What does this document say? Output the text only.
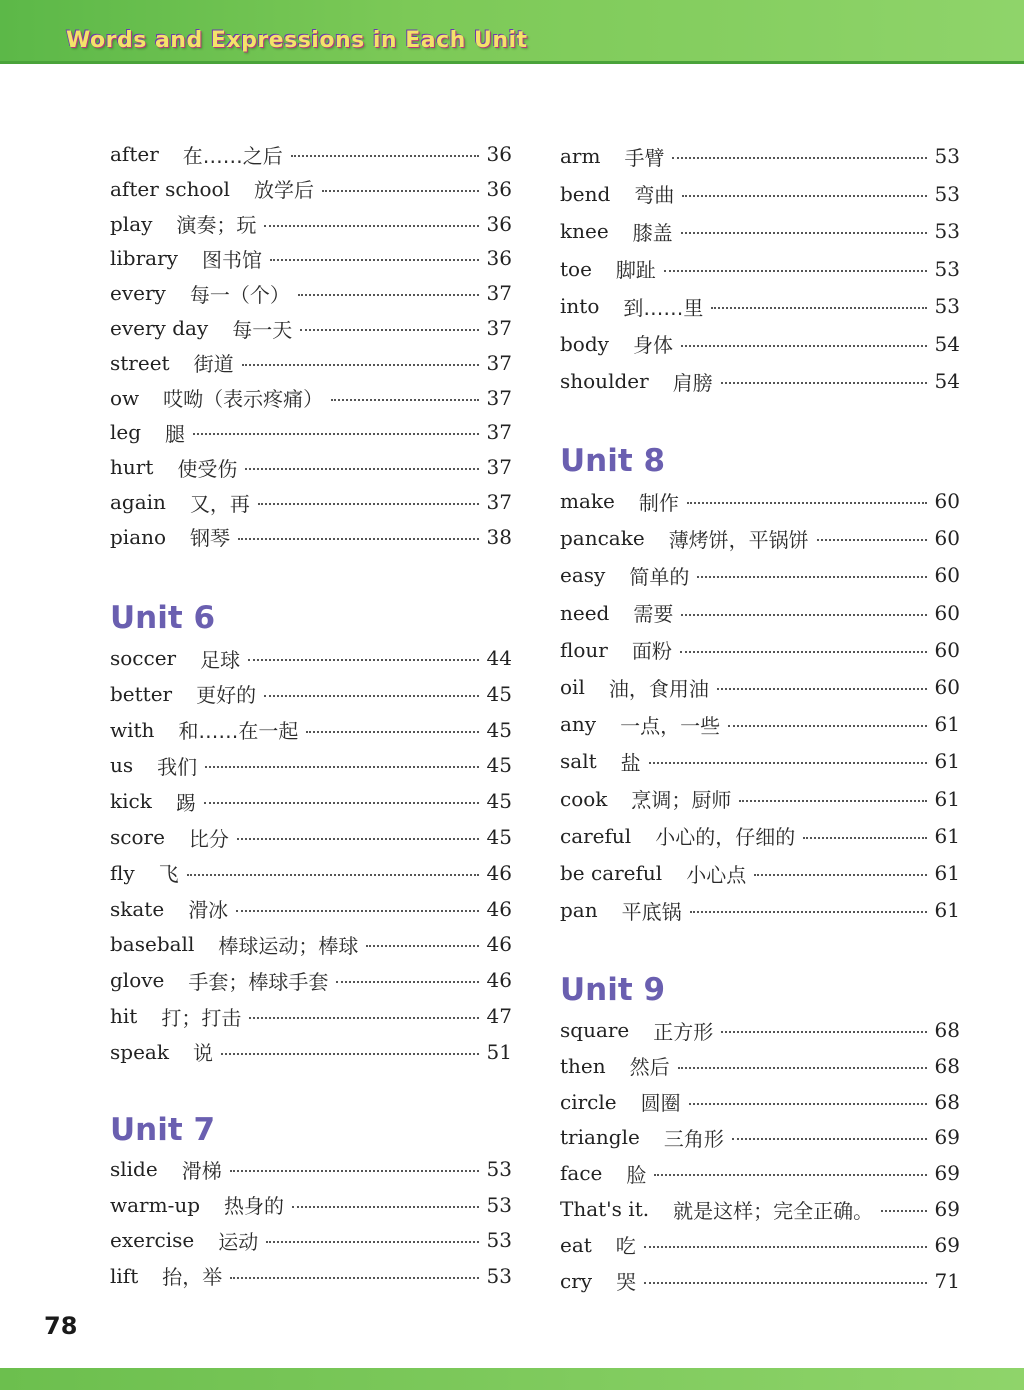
Words and Expressions in Each Unit
after 在……之后	36
after school 放学后	36
play 演奏；玩	36
library 图书馆	36
every 每一（个）	37
every day 每一天	37
street 街道	37
ow 哎呦（表示疼痛）	37
leg 腿	37
hurt 使受伤	37
again 又，再	37
piano 钢琴	38
Unit 6
soccer 足球	44
better 更好的	45
with 和……在一起	45
us 我们	45
kick 踢	45
score 比分	45
fly 飞	46
skate 滑冰	46
baseball 棒球运动；棒球	46
glove 手套；棒球手套	46
hit 打；打击	47
speak 说	51
Unit 7
slide 滑梯	53
warm-up 热身的	53
exercise 运动	53
lift 抬，举	53
arm 手臂	53
bend 弯曲	53
knee 膝盖	53
toe 脚趾	53
into 到……里	53
body 身体	54
shoulder 肩膀	54
Unit 8
make 制作	60
pancake 薄烤饼，平锅饼	60
easy 简单的	60
need 需要	60
flour 面粉	60
oil 油，食用油	60
any 一点，一些	61
salt 盐	61
cook 烹调；厨师	61
careful 小心的，仔细的	61
be careful 小心点	61
pan 平底锅	61
Unit 9
square 正方形	68
then 然后	68
circle 圆圈	68
triangle 三角形	69
face 脸	69
That's it. 就是这样；完全正确。	69
eat 吃	69
cry 哭	71
78
